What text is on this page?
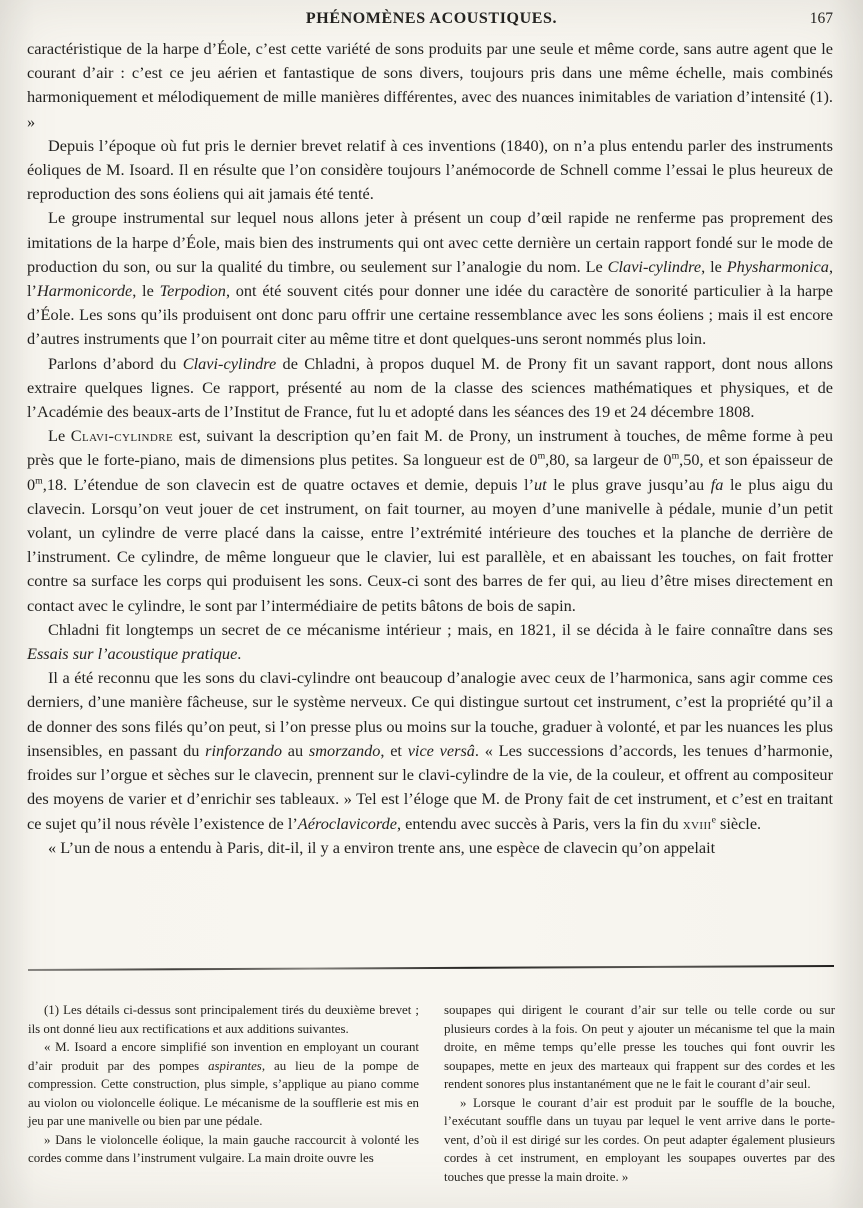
PHÉNOMÈNES ACOUSTIQUES.	167

caractéristique de la harpe d’Éole, c’est cette variété de sons produits par une seule et même corde, sans autre agent que le courant d’air : c’est ce jeu aérien et fantastique de sons divers, toujours pris dans une même échelle, mais combinés harmoniquement et mélodiquement de mille manières différentes, avec des nuances inimitables de variation d’intensité (1). »

Depuis l’époque où fut pris le dernier brevet relatif à ces inventions (1840), on n’a plus entendu parler des instruments éoliques de M. Isoard. Il en résulte que l’on considère toujours l’anémocorde de Schnell comme l’essai le plus heureux de reproduction des sons éoliens qui ait jamais été tenté.

Le groupe instrumental sur lequel nous allons jeter à présent un coup d’œil rapide ne renferme pas proprement des imitations de la harpe d’Éole, mais bien des instruments qui ont avec cette dernière un certain rapport fondé sur le mode de production du son, ou sur la qualité du timbre, ou seulement sur l’analogie du nom. Le Clavi-cylindre, le Physharmonica, l’Harmonicorde, le Terpodion, ont été souvent cités pour donner une idée du caractère de sonorité particulier à la harpe d’Éole. Les sons qu’ils produisent ont donc paru offrir une certaine ressemblance avec les sons éoliens ; mais il est encore d’autres instruments que l’on pourrait citer au même titre et dont quelques-uns seront nommés plus loin.

Parlons d’abord du Clavi-cylindre de Chladni, à propos duquel M. de Prony fit un savant rapport, dont nous allons extraire quelques lignes. Ce rapport, présenté au nom de la classe des sciences mathématiques et physiques, et de l’Académie des beaux-arts de l’Institut de France, fut lu et adopté dans les séances des 19 et 24 décembre 1808.

Le Clavi-cylindre est, suivant la description qu’en fait M. de Prony, un instrument à touches, de même forme à peu près que le forte-piano, mais de dimensions plus petites. Sa longueur est de 0$^m$,80, sa largeur de 0$^m$,50, et son épaisseur de 0$^m$,18. L’étendue de son clavecin est de quatre octaves et demie, depuis l’ut le plus grave jusqu’au fa le plus aigu du clavecin. Lorsqu’on veut jouer de cet instrument, on fait tourner, au moyen d’une manivelle à pédale, munie d’un petit volant, un cylindre de verre placé dans la caisse, entre l’extrémité intérieure des touches et la planche de derrière de l’instrument. Ce cylindre, de même longueur que le clavier, lui est parallèle, et en abaissant les touches, on fait frotter contre sa surface les corps qui produisent les sons. Ceux-ci sont des barres de fer qui, au lieu d’être mises directement en contact avec le cylindre, le sont par l’intermédiaire de petits bâtons de bois de sapin.

Chladni fit longtemps un secret de ce mécanisme intérieur ; mais, en 1821, il se décida à le faire connaître dans ses Essais sur l’acoustique pratique.

Il a été reconnu que les sons du clavi-cylindre ont beaucoup d’analogie avec ceux de l’harmonica, sans agir comme ces derniers, d’une manière fâcheuse, sur le système nerveux. Ce qui distingue surtout cet instrument, c’est la propriété qu’il a de donner des sons filés qu’on peut, si l’on presse plus ou moins sur la touche, graduer à volonté, et par les nuances les plus insensibles, en passant du rinforzando au smorzando, et vice versâ. « Les successions d’accords, les tenues d’harmonie, froides sur l’orgue et sèches sur le clavecin, prennent sur le clavi-cylindre de la vie, de la couleur, et offrent au compositeur des moyens de varier et d’enrichir ses tableaux. » Tel est l’éloge que M. de Prony fait de cet instrument, et c’est en traitant ce sujet qu’il nous révèle l’existence de l’Aéroclavicorde, entendu avec succès à Paris, vers la fin du xviii$^e$ siècle.

« L’un de nous a entendu à Paris, dit-il, il y a environ trente ans, une espèce de clavecin qu’on appelait

(1) Les détails ci-dessus sont principalement tirés du deuxième brevet ; ils ont donné lieu aux rectifications et aux additions suivantes.

« M. Isoard a encore simplifié son invention en employant un courant d’air produit par des pompes aspirantes, au lieu de la pompe de compression. Cette construction, plus simple, s’applique au piano comme au violon ou violoncelle éolique. Le mécanisme de la soufflerie est mis en jeu par une manivelle ou bien par une pédale.

» Dans le violoncelle éolique, la main gauche raccourcit à volonté les cordes comme dans l’instrument vulgaire. La main droite ouvre les

soupapes qui dirigent le courant d’air sur telle ou telle corde ou sur plusieurs cordes à la fois. On peut y ajouter un mécanisme tel que la main droite, en même temps qu’elle presse les touches qui font ouvrir les soupapes, mette en jeux des marteaux qui frappent sur des cordes et les rendent sonores plus instantanément que ne le fait le courant d’air seul.

» Lorsque le courant d’air est produit par le souffle de la bouche, l’exécutant souffle dans un tuyau par lequel le vent arrive dans le porte-vent, d’où il est dirigé sur les cordes. On peut adapter également plusieurs cordes à cet instrument, en employant les soupapes ouvertes par des touches que presse la main droite. »
